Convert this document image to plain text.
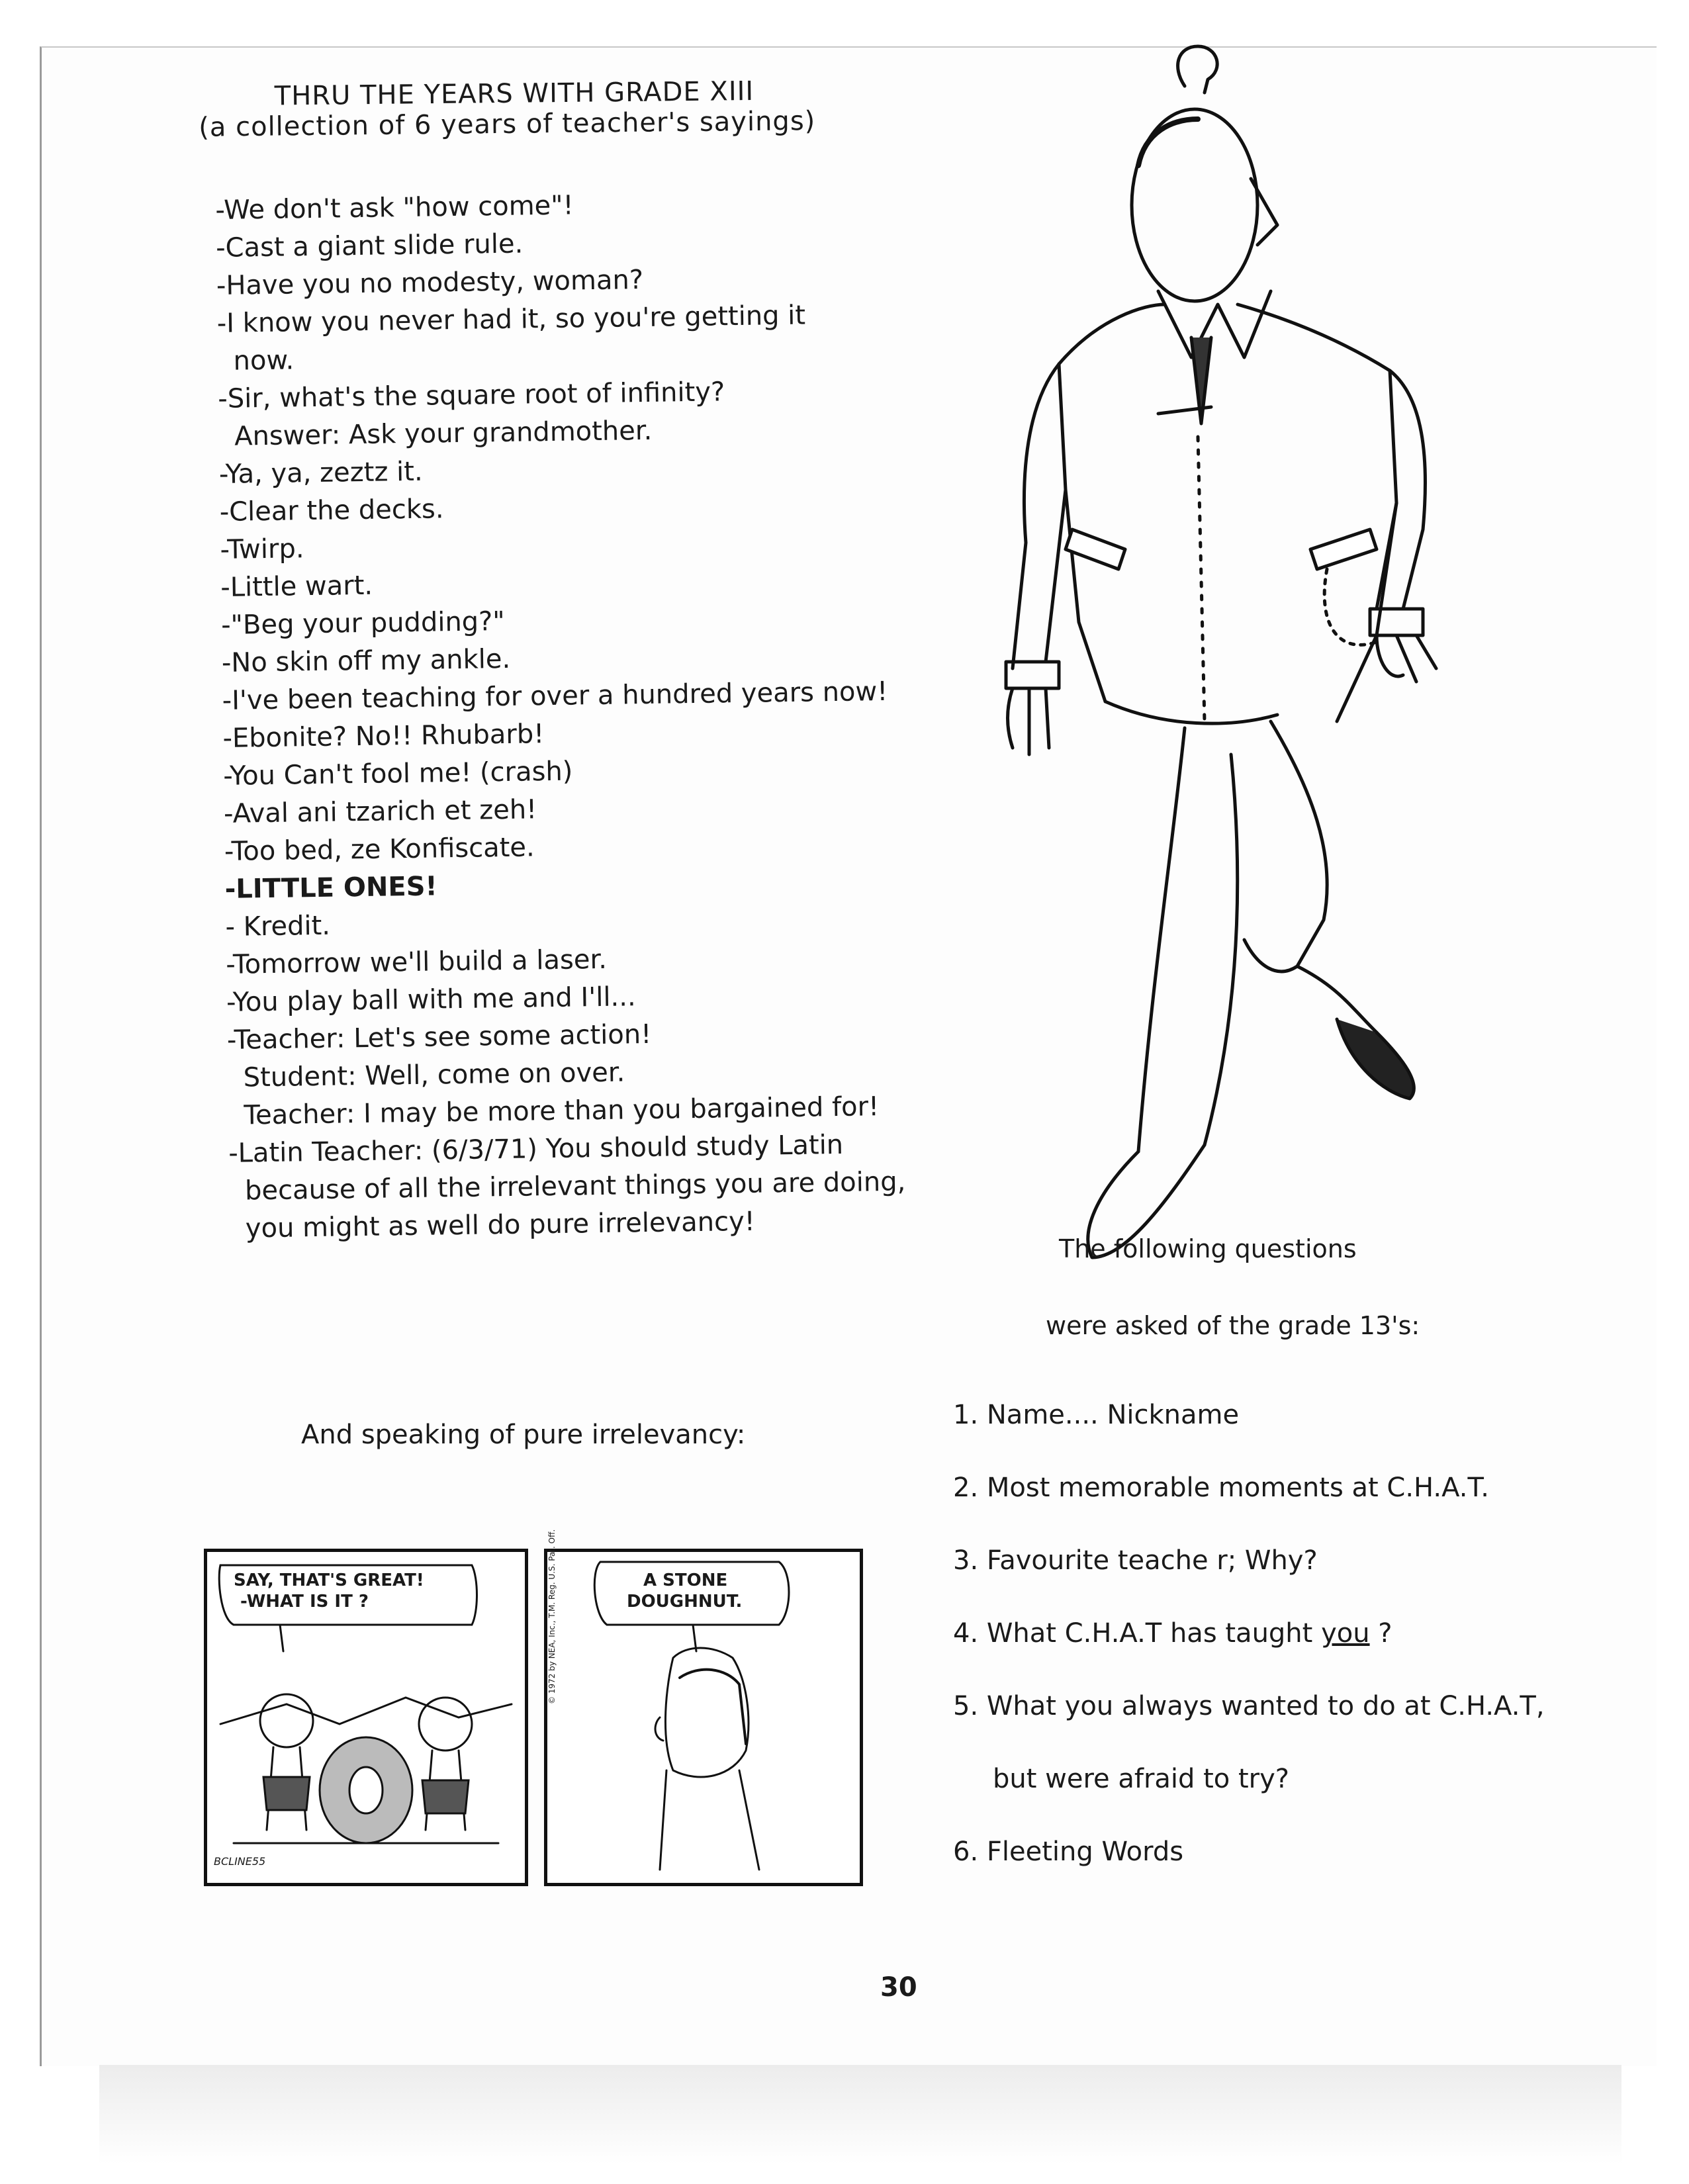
THRU THE YEARS WITH GRADE XIII
(a collection of 6 years of teacher's sayings)
-We don't ask "how come"!
-Cast a giant slide rule.
-Have you no modesty, woman?
-I know you never had it, so you're getting it
now.
-Sir, what's the square root of infinity?
Answer: Ask your grandmother.
-Ya, ya, zeztz it.
-Clear the decks.
-Twirp.
-Little wart.
-"Beg your pudding?"
-No skin off my ankle.
-I've been teaching for over a hundred years now!
-Ebonite? No!! Rhubarb!
-You Can't fool me! (crash)
-Aval ani tzarich et zeh!
-Too bed, ze Konfiscate.
-LITTLE ONES!
- Kredit.
-Tomorrow we'll build a laser.
-You play ball with me and I'll...
-Teacher: Let's see some action!
Student: Well, come on over.
Teacher: I may be more than you bargained for!
-Latin Teacher: (6/3/71) You should study Latin
because of all the irrelevant things you are doing,
you might as well do pure irrelevancy!
The following questions
were asked of the grade 13's:
1. Name.... Nickname
2. Most memorable moments at C.H.A.T.
3. Favourite teache r; Why?
4. What C.H.A.T has taught you ?
5. What you always wanted to do at C.H.A.T,
but were afraid to try?
6. Fleeting Words
And speaking of pure irrelevancy:
SAY, THAT'S GREAT!
-WHAT IS IT ?
BCLINE55
A STONE
DOUGHNUT.
© 1972 by NEA, Inc., T.M. Reg. U.S. Pat. Off.
30
